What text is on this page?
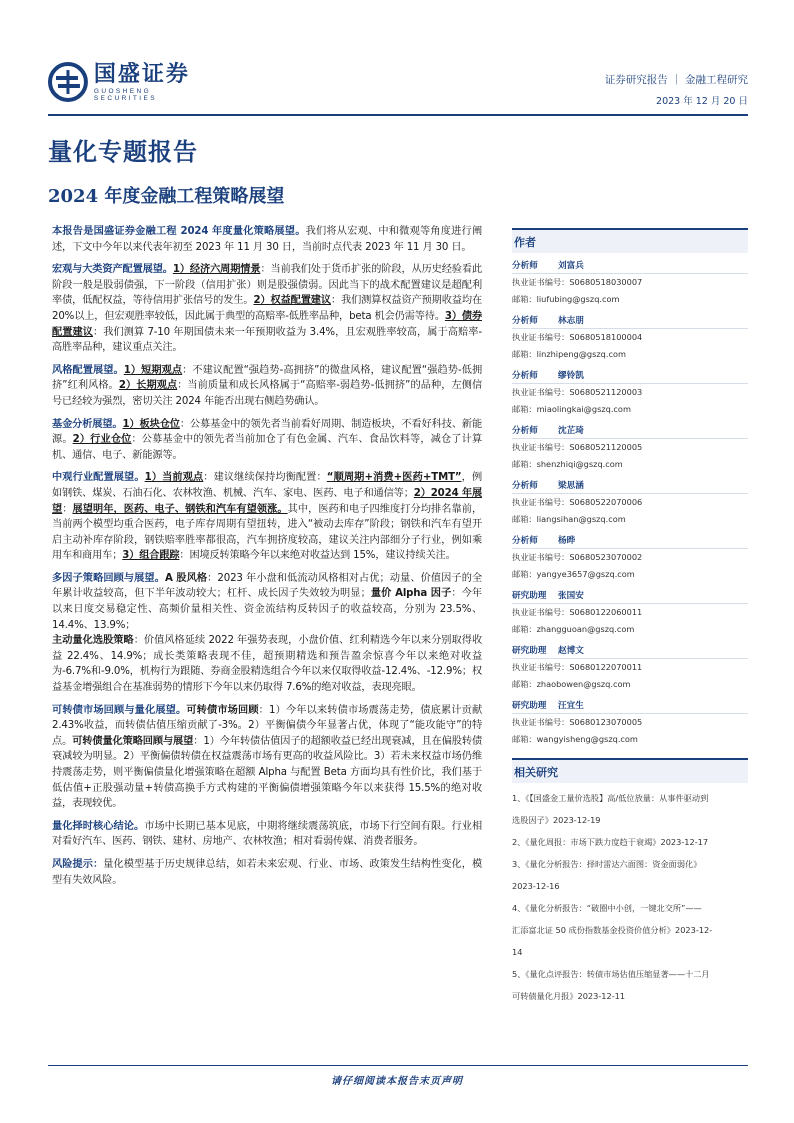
国盛证券
GUOSHENG SECURITIES
证券研究报告 ｜ 金融工程研究
2023 年 12 月 20 日
量化专题报告
2024 年度金融工程策略展望

本报告是国盛证券金融工程 2024 年度量化策略展望。我们将从宏观、中和微观等角度进行阐述，下文中今年以来代表年初至 2023 年 11 月 30 日，当前时点代表 2023 年 11 月 30 日。

宏观与大类资产配置展望。1）经济六周期情景：当前我们处于货币扩张的阶段，从历史经验看此阶段一般是股弱债强，下一阶段（信用扩张）则是股强债弱。因此当下的战术配置建议是超配利率债，低配权益，等待信用扩张信号的发生。2）权益配置建议：我们测算权益资产预期收益均在 20%以上，但宏观胜率较低，因此属于典型的高赔率-低胜率品种，beta 机会仍需等待。3）债券配置建议：我们测算 7-10 年期国债未来一年预期收益为 3.4%，且宏观胜率较高，属于高赔率-高胜率品种，建议重点关注。

风格配置展望。1）短期观点：不建议配置“强趋势-高拥挤”的微盘风格，建议配置“强趋势-低拥挤”红利风格。2）长期观点：当前质量和成长风格属于“高赔率-弱趋势-低拥挤”的品种，左侧信号已经较为强烈，密切关注 2024 年能否出现右侧趋势确认。

基金分析展望。1）板块仓位：公募基金中的领先者当前看好周期、制造板块，不看好科技、新能源。2）行业仓位：公募基金中的领先者当前加仓了有色金属、汽车、食品饮料等，减仓了计算机、通信、电子、新能源等。

中观行业配置展望。1）当前观点：建议继续保持均衡配置：“顺周期+消费+医药+TMT”，例如钢铁、煤炭、石油石化、农林牧渔、机械、汽车、家电、医药、电子和通信等；2）2024 年展望：展望明年，医药、电子、钢铁和汽车有望领涨。其中，医药和电子四维度打分均排名靠前，当前两个模型均重合医药，电子库存周期有望扭转，进入“被动去库存”阶段；钢铁和汽车有望开启主动补库存阶段，钢铁赔率胜率都很高，汽车拥挤度较高，建议关注内部细分子行业，例如乘用车和商用车；3）组合跟踪：困境反转策略今年以来绝对收益达到 15%，建议持续关注。

多因子策略回顾与展望。A 股风格：2023 年小盘和低流动风格相对占优；动量、价值因子的全年累计收益较高，但下半年波动较大；杠杆、成长因子失效较为明显；量价 Alpha 因子：今年以来日度交易稳定性、高频价量相关性、资金流结构反转因子的收益较高，分别为 23.5%、14.4%、13.9%；
主动量化选股策略：价值风格延续 2022 年强势表现，小盘价值、红利精选今年以来分别取得收益 22.4%、14.9%；成长类策略表现不佳，超预期精选和预告盈余惊喜今年以来绝对收益为-6.7%和-9.0%，机构行为跟随、券商金股精选组合今年以来仅取得收益-12.4%、-12.9%；权益基金增强组合在基准弱势的情形下今年以来仍取得 7.6%的绝对收益，表现亮眼。

可转债市场回顾与量化展望。可转债市场回顾：1）今年以来转债市场震荡走势，债底累计贡献 2.43%收益，而转债估值压缩贡献了-3%。2）平衡偏债今年显著占优，体现了“能攻能守”的特点。可转债量化策略回顾与展望：1）今年转债估值因子的超额收益已经出现衰减，且在偏股转债衰减较为明显。2）平衡偏债转债在权益震荡市场有更高的收益风险比。3）若未来权益市场仍维持震荡走势，则平衡偏债量化增强策略在超额 Alpha 与配置 Beta 方面均具有性价比，我们基于低估值+正股强动量+转债高换手方式构建的平衡偏债增强策略今年以来获得 15.5%的绝对收益，表现较优。

量化择时核心结论。市场中长期已基本见底，中期将继续震荡筑底，市场下行空间有限。行业相对看好汽车、医药、钢铁、建材、房地产、农林牧渔；相对看弱传媒、消费者服务。

风险提示：量化模型基于历史规律总结，如若未来宏观、行业、市场、政策发生结构性变化，模型有失效风险。

作者
分析师 刘富兵
执业证书编号：S0680518030007
邮箱：liufubing@gszq.com
分析师 林志朋
执业证书编号：S0680518100004
邮箱：linzhipeng@gszq.com
分析师 缪铃凯
执业证书编号：S0680521120003
邮箱：miaolingkai@gszq.com
分析师 沈芷琦
执业证书编号：S0680521120005
邮箱：shenzhiqi@gszq.com
分析师 梁思涵
执业证书编号：S0680522070006
邮箱：liangsihan@gszq.com
分析师 杨晔
执业证书编号：S0680523070002
邮箱：yangye3657@gszq.com
研究助理 张国安
执业证书编号：S0680122060011
邮箱：zhangguoan@gszq.com
研究助理 赵博文
执业证书编号：S0680122070011
邮箱：zhaobowen@gszq.com
研究助理 汪宜生
执业证书编号：S0680123070005
邮箱：wangyisheng@gszq.com
相关研究
1、《【国盛金工量价选股】高/低位放量：从事件驱动到
选股因子》2023-12-19
2、《量化周报：市场下跌力度趋于衰竭》2023-12-17
3、《量化分析报告：择时雷达六面图：资金面弱化》
2023-12-16
4、《量化分析报告：“破圈中小创，一键北交所”——
汇添富北证 50 成份指数基金投资价值分析》2023-12-
14
5、《量化点评报告：转债市场估值压缩显著——十二月
可转债量化月报》2023-12-11
请仔细阅读本报告末页声明
